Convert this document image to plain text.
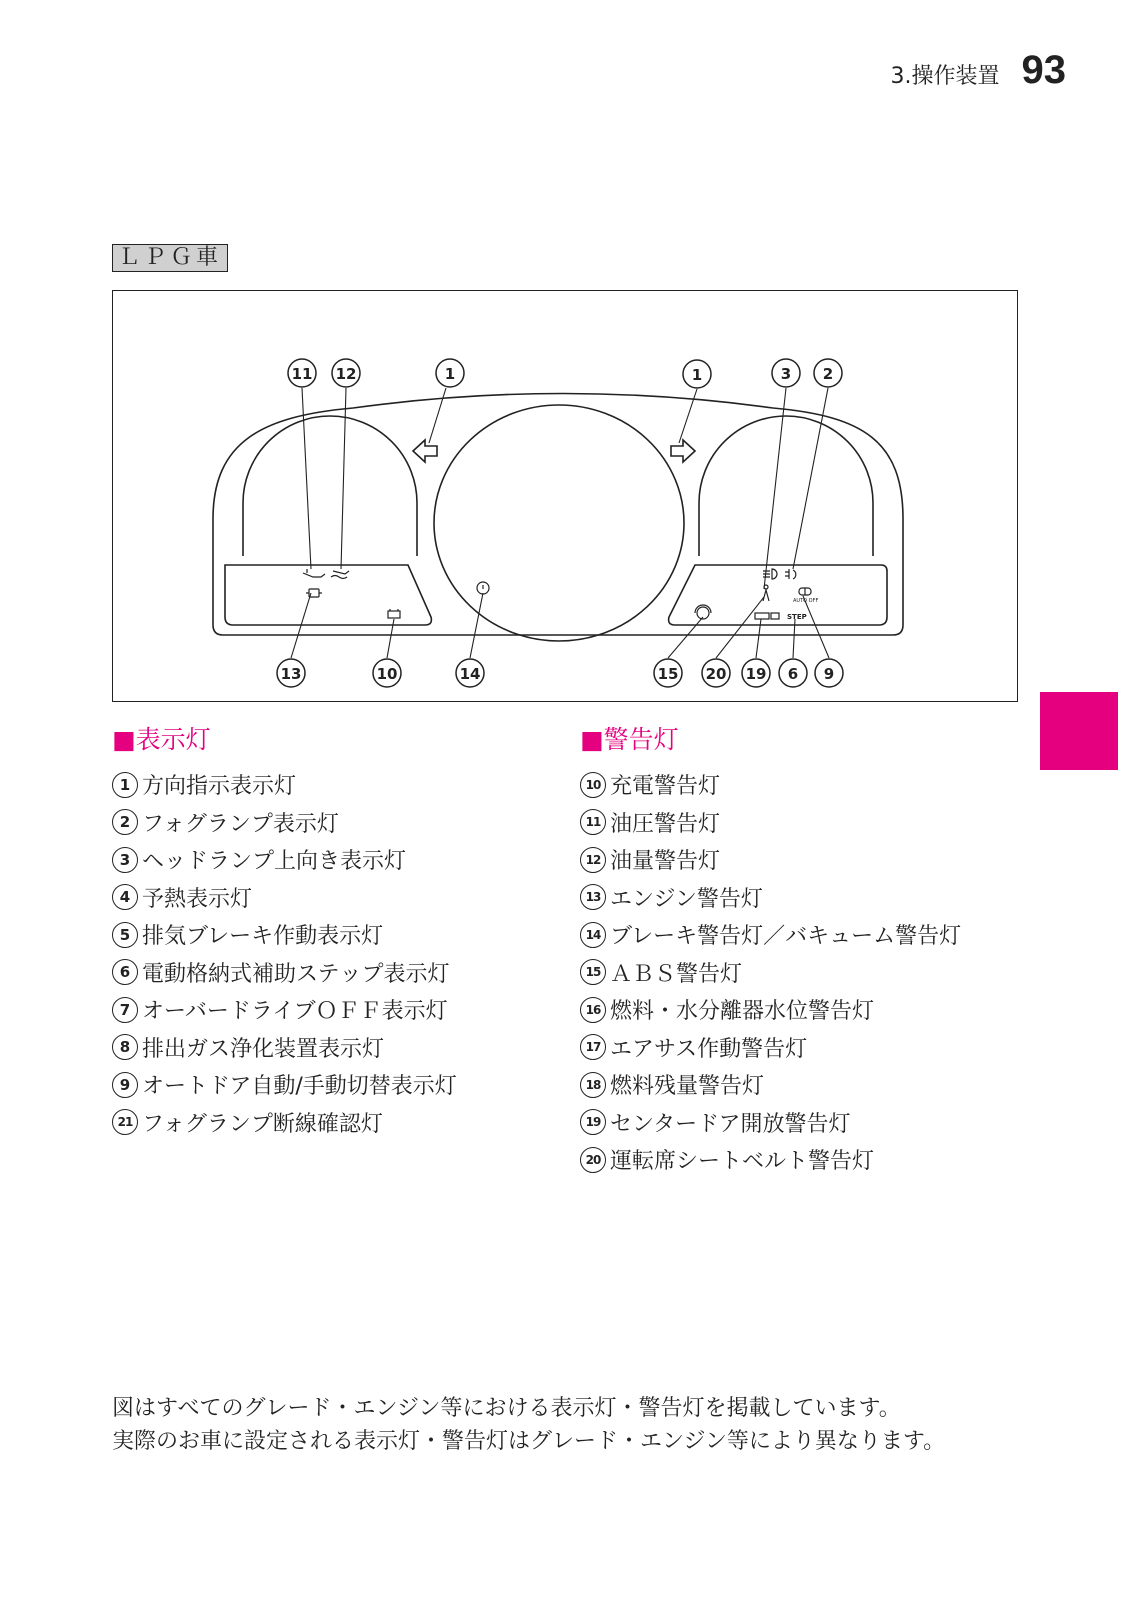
3.操作装置 93
ＬＰＧ車
AUTO OFF
STEP
11 12	1	1	3 2
13	10	14	15 20 19 6 9
■表示灯
1 方向指示表示灯
2 フォグランプ表示灯
3 ヘッドランプ上向き表示灯
4 予熱表示灯
5 排気ブレーキ作動表示灯
6 電動格納式補助ステップ表示灯
7 オーバードライブＯＦＦ表示灯
8 排出ガス浄化装置表示灯
9 オートドア自動/手動切替表示灯
21 フォグランプ断線確認灯
■警告灯
10 充電警告灯
11 油圧警告灯
12 油量警告灯
13 エンジン警告灯
14 ブレーキ警告灯／バキューム警告灯
15 ＡＢＳ警告灯
16 燃料・水分離器水位警告灯
17 エアサス作動警告灯
18 燃料残量警告灯
19 センタードア開放警告灯
20 運転席シートベルト警告灯
図はすべてのグレード・エンジン等における表示灯・警告灯を掲載しています。
実際のお車に設定される表示灯・警告灯はグレード・エンジン等により異なります。
